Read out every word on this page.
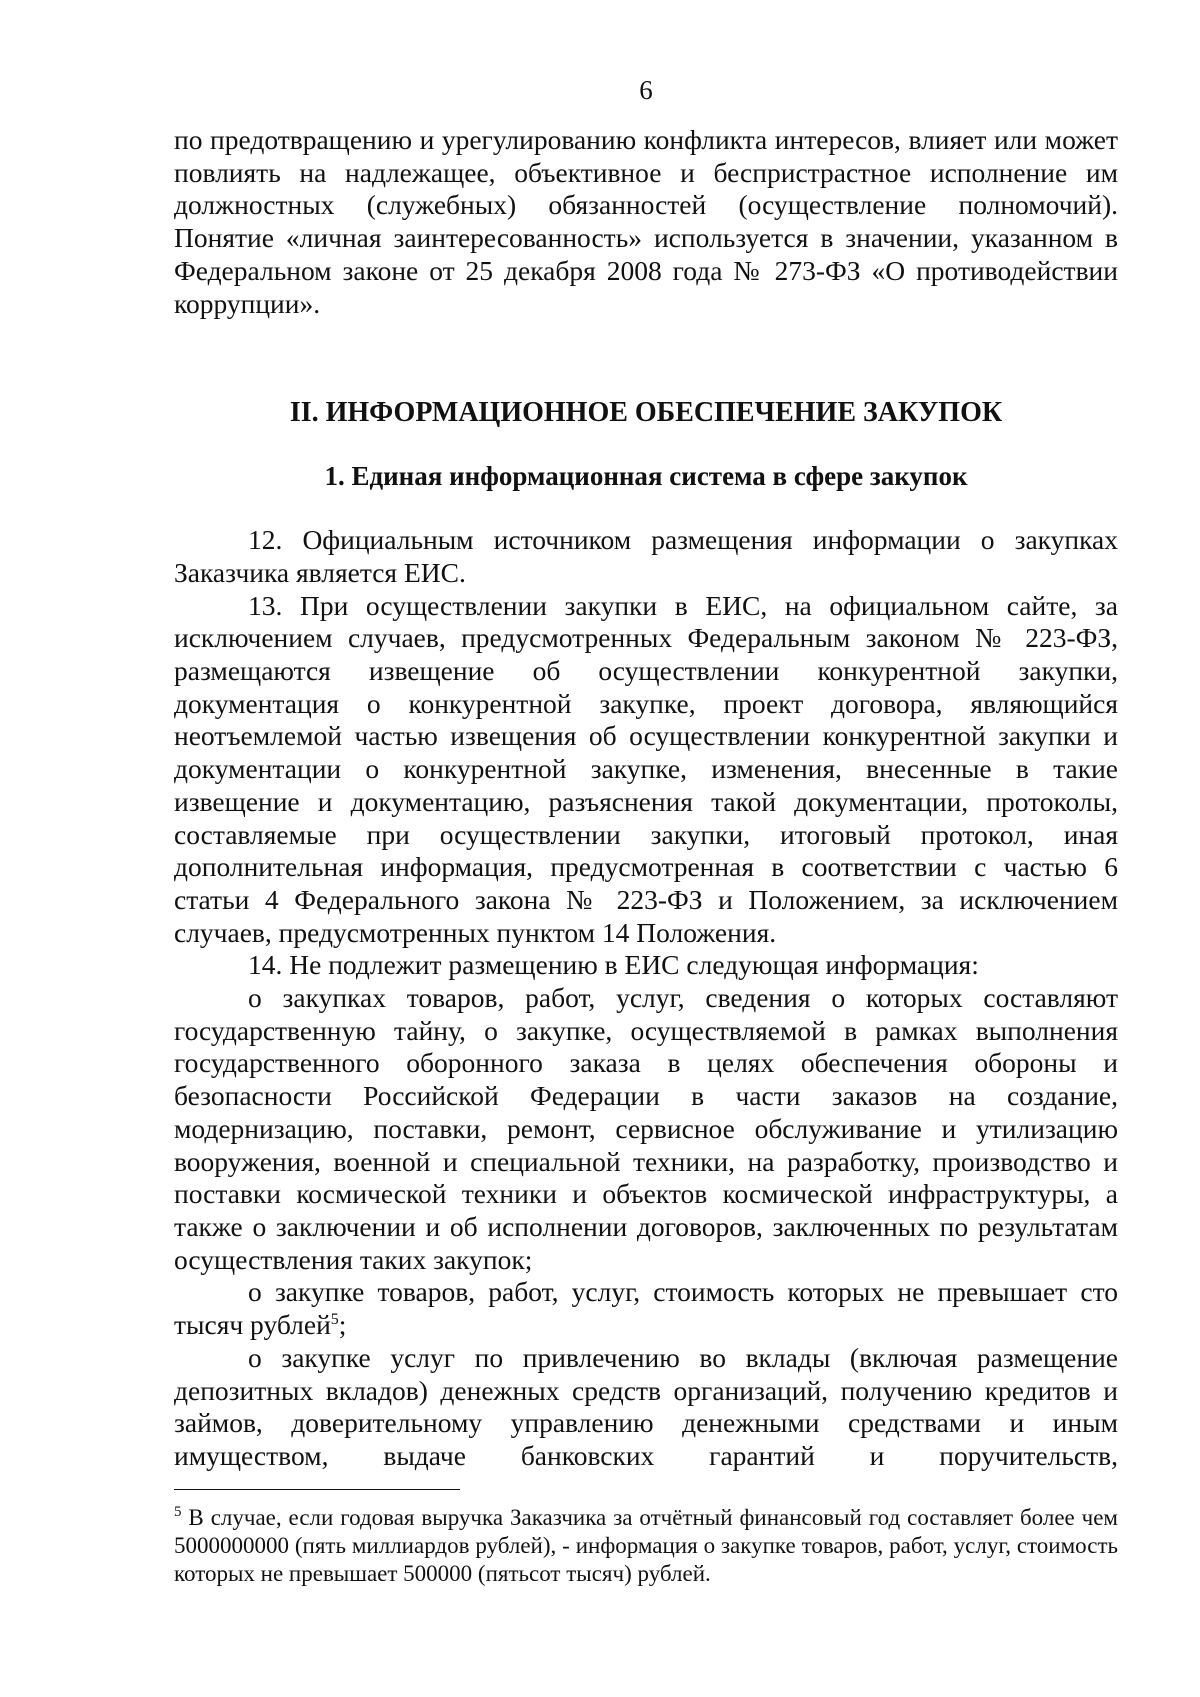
6

по предотвращению и урегулированию конфликта интересов, влияет или может повлиять на надлежащее, объективное и беспристрастное исполнение им должностных (служебных) обязанностей (осуществление полномочий). Понятие «личная заинтересованность» используется в значении, указанном в Федеральном законе от 25 декабря 2008 года № 273-ФЗ «О противодействии коррупции».

II. ИНФОРМАЦИОННОЕ ОБЕСПЕЧЕНИЕ ЗАКУПОК
1. Единая информационная система в сфере закупок

12. Официальным источником размещения информации о закупках Заказчика является ЕИС.

13. При осуществлении закупки в ЕИС, на официальном сайте, за исключением случаев, предусмотренных Федеральным законом № 223-ФЗ, размещаются извещение об осуществлении конкурентной закупки, документация о конкурентной закупке, проект договора, являющийся неотъемлемой частью извещения об осуществлении конкурентной закупки и документации о конкурентной закупке, изменения, внесенные в такие извещение и документацию, разъяснения такой документации, протоколы, составляемые при осуществлении закупки, итоговый протокол, иная дополнительная информация, предусмотренная в соответствии с частью 6 статьи 4 Федерального закона № 223-ФЗ и Положением, за исключением случаев, предусмотренных пунктом 14 Положения.

14. Не подлежит размещению в ЕИС следующая информация:

о закупках товаров, работ, услуг, сведения о которых составляют государственную тайну, о закупке, осуществляемой в рамках выполнения государственного оборонного заказа в целях обеспечения обороны и безопасности Российской Федерации в части заказов на создание, модернизацию, поставки, ремонт, сервисное обслуживание и утилизацию вооружения, военной и специальной техники, на разработку, производство и поставки космической техники и объектов космической инфраструктуры, а также о заключении и об исполнении договоров, заключенных по результатам осуществления таких закупок;

о закупке товаров, работ, услуг, стоимость которых не превышает сто тысяч рублей$^5$;

о закупке услуг по привлечению во вклады (включая размещение депозитных вкладов) денежных средств организаций, получению кредитов и займов, доверительному управлению денежными средствами и иным имуществом, выдаче банковских гарантий и поручительств,

$^5$ В случае, если годовая выручка Заказчика за отчётный финансовый год составляет более чем 5000000000 (пять миллиардов рублей), - информация о закупке товаров, работ, услуг, стоимость которых не превышает 500000 (пятьсот тысяч) рублей.
